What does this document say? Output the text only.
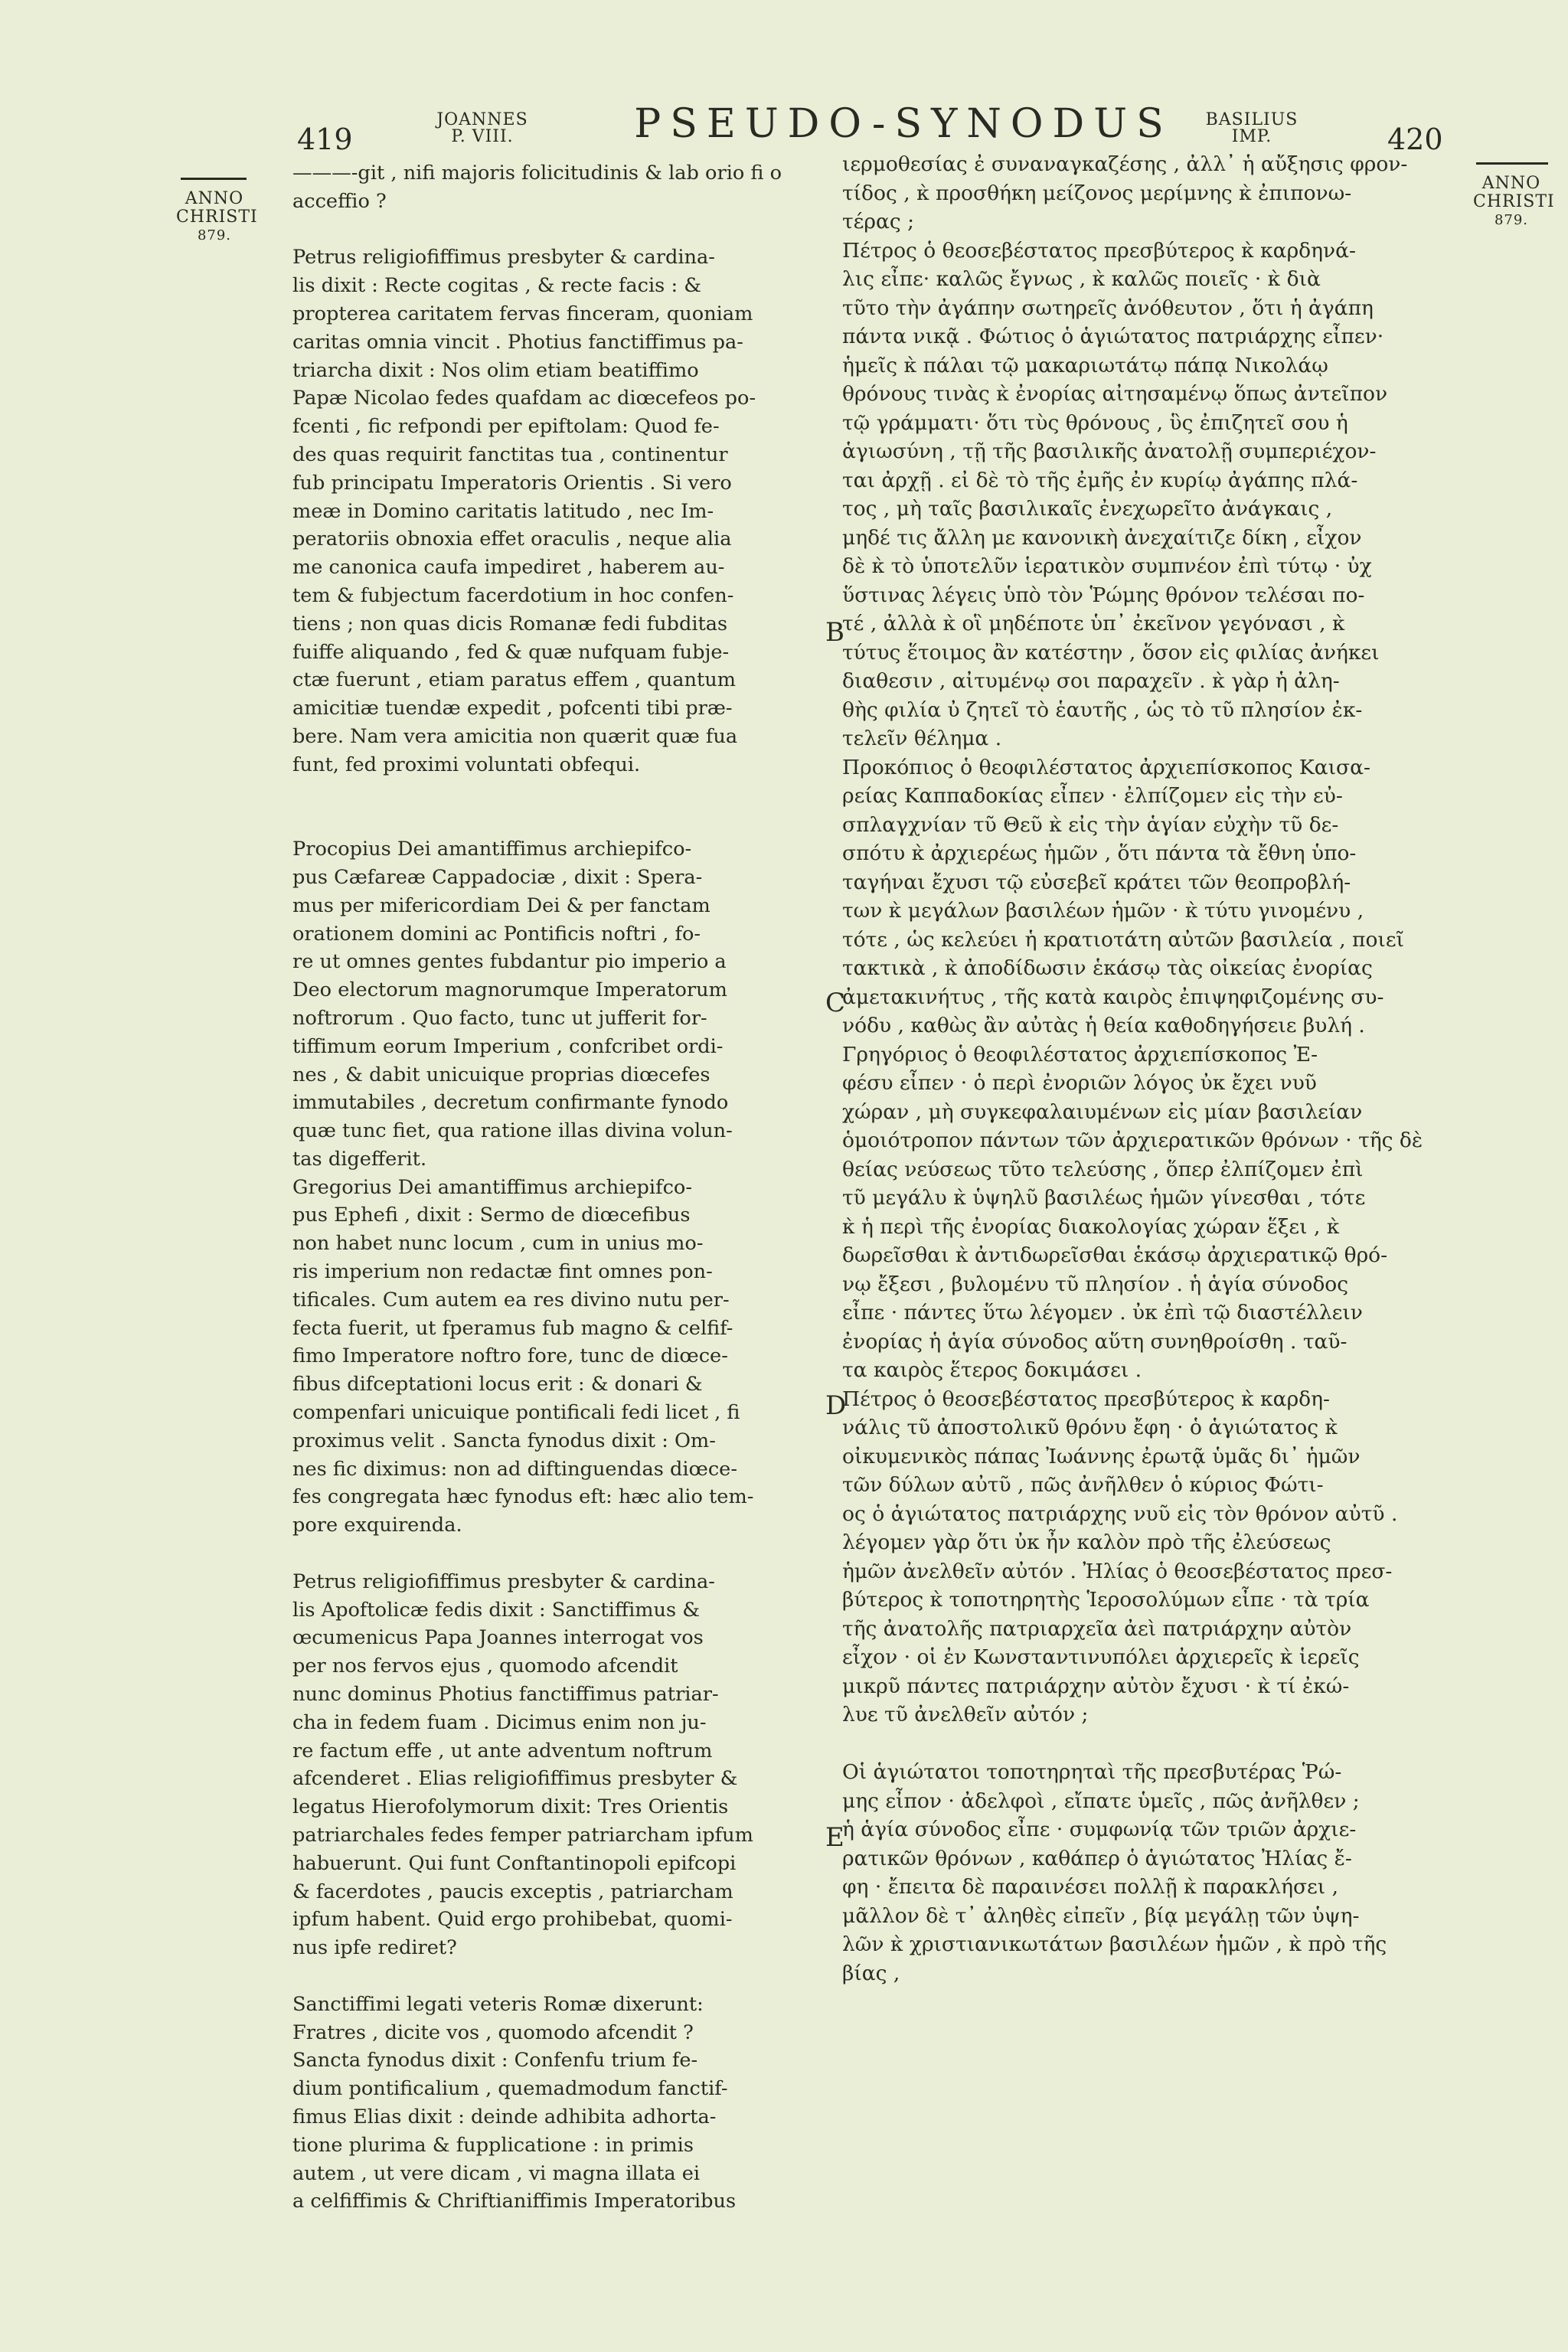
419
JOANNES
P. VIII.	PSEUDO-SYNODUS	BASILIUS
IMP.	420
ANNO
CHRISTI
879.
ANNO
CHRISTI
879.
B
C
D
E
———-git , nifi majoris folicitudinis & lab orio fi o
acceffio ?

Petrus religiofiffimus presbyter & cardina-
lis dixit : Recte cogitas , & recte facis : &
propterea caritatem fervas finceram, quoniam
caritas omnia vincit . Photius fanctiffimus pa-
triarcha dixit : Nos olim etiam beatiffimo
Papæ Nicolao fedes quafdam ac diœcefeos po-
fcenti , fic refpondi per epiftolam: Quod fe-
des quas requirit fanctitas tua , continentur
fub principatu Imperatoris Orientis . Si vero
meæ in Domino caritatis latitudo , nec Im-
peratoriis obnoxia effet oraculis , neque alia
me canonica caufa impediret , haberem au-
tem & fubjectum facerdotium in hoc confen-
tiens ; non quas dicis Romanæ fedi fubditas
fuiffe aliquando , fed & quæ nufquam fubje-
ctæ fuerunt , etiam paratus effem , quantum
amicitiæ tuendæ expedit , pofcenti tibi præ-
bere. Nam vera amicitia non quærit quæ fua
funt, fed proximi voluntati obfequi.

Procopius Dei amantiffimus archiepifco-
pus Cæfareæ Cappadociæ , dixit : Spera-
mus per mifericordiam Dei & per fanctam
orationem domini ac Pontificis noftri , fo-
re ut omnes gentes fubdantur pio imperio a
Deo electorum magnorumque Imperatorum
noftrorum . Quo facto, tunc ut jufferit for-
tiffimum eorum Imperium , confcribet ordi-
nes , & dabit unicuique proprias diœcefes
immutabiles , decretum confirmante fynodo
quæ tunc fiet, qua ratione illas divina volun-
tas digefferit.
Gregorius Dei amantiffimus archiepifco-
pus Ephefi , dixit : Sermo de diœcefibus
non habet nunc locum , cum in unius mo-
ris imperium non redactæ fint omnes pon-
tificales. Cum autem ea res divino nutu per-
fecta fuerit, ut fperamus fub magno & celfif-
fimo Imperatore noftro fore, tunc de diœce-
fibus difceptationi locus erit : & donari &
compenfari unicuique pontificali fedi licet , fi
proximus velit . Sancta fynodus dixit : Om-
nes fic diximus: non ad diftinguendas diœce-
fes congregata hæc fynodus eft: hæc alio tem-
pore exquirenda.

Petrus religiofiffimus presbyter & cardina-
lis Apoftolicæ fedis dixit : Sanctiffimus &
œcumenicus Papa Joannes interrogat vos
per nos fervos ejus , quomodo afcendit
nunc dominus Photius fanctiffimus patriar-
cha in fedem fuam . Dicimus enim non ju-
re factum effe , ut ante adventum noftrum
afcenderet . Elias religiofiffimus presbyter &
legatus Hierofolymorum dixit: Tres Orientis
patriarchales fedes femper patriarcham ipfum
habuerunt. Qui funt Conftantinopoli epifcopi
& facerdotes , paucis exceptis , patriarcham
ipfum habent. Quid ergo prohibebat, quomi-
nus ipfe rediret?

Sanctiffimi legati veteris Romæ dixerunt:
Fratres , dicite vos , quomodo afcendit ?
Sancta fynodus dixit : Confenfu trium fe-
dium pontificalium , quemadmodum fanctif-
fimus Elias dixit : deinde adhibita adhorta-
tione plurima & fupplicatione : in primis
autem , ut vere dicam , vi magna illata ei
a celfiffimis & Chriftianiffimis Imperatoribus
ιερμοθεσίας ἐ συναναγκαζέσης , ἀλλ᾽ ἡ αὔξησις φρον-
τίδος , κ̀ προσθήκη μείζονος μερίμνης κ̀ ἐπιπονω-
τέρας ;
Πέτρος ὁ θεοσεβέστατος πρεσβύτερος κ̀ καρδηνά-
λις εἶπε· καλῶς ἔγνως , κ̀ καλῶς ποιεῖς · κ̀ διὰ
τῦτο τὴν ἀγάπην σωτηρεῖς ἀνόθευτον , ὅτι ἡ ἀγάπη
πάντα νικᾷ . Φώτιος ὁ ἁγιώτατος πατριάρχης εἶπεν·
ἡμεῖς κ̀ πάλαι τῷ μακαριωτάτῳ πάπᾳ Νικολάῳ
θρόνους τινὰς κ̀ ἐνορίας αἰτησαμένῳ ὅπως ἀντεῖπον
τῷ γράμματι· ὅτι τὺς θρόνους , ὓς ἐπιζητεῖ σου ἡ
ἁγιωσύνη , τῇ τῆς βασιλικῆς ἀνατολῇ συμπεριέχον-
ται ἀρχῇ . εἰ δὲ τὸ τῆς ἐμῆς ἐν κυρίῳ ἀγάπης πλά-
τος , μὴ ταῖς βασιλικαῖς ἐνεχωρεῖτο ἀνάγκαις ,
μηδέ τις ἄλλη με κανονικὴ ἀνεχαίτιζε δίκη , εἶχον
δὲ κ̀ τὸ ὑποτελῦν ἱερατικὸν συμπνέον ἐπὶ τύτῳ · ὐχ
ὕστινας λέγεις ὑπὸ τὸν Ῥώμης θρόνον τελέσαι πο-
τέ , ἀλλὰ κ̀ οἳ μηδέποτε ὑπ᾽ ἐκεῖνον γεγόνασι , κ̀
τύτυς ἕτοιμος ἂν κατέστην , ὅσον εἰς φιλίας ἀνήκει
διαθεσιν , αἰτυμένῳ σοι παραχεῖν . κ̀ γὰρ ἡ ἀλη-
θὴς φιλία ὐ ζητεῖ τὸ ἑαυτῆς , ὡς τὸ τῦ πλησίον ἐκ-
τελεῖν θέλημα .
Προκόπιος ὁ θεοφιλέστατος ἀρχιεπίσκοπος Καισα-
ρείας Καππαδοκίας εἶπεν · ἐλπίζομεν εἰς τὴν εὐ-
σπλαγχνίαν τῦ Θεῦ κ̀ εἰς τὴν ἁγίαν εὐχὴν τῦ δε-
σπότυ κ̀ ἀρχιερέως ἡμῶν , ὅτι πάντα τὰ ἔθνη ὑπο-
ταγήναι ἔχυσι τῷ εὐσεβεῖ κράτει τῶν θεοπροβλή-
των κ̀ μεγάλων βασιλέων ἡμῶν · κ̀ τύτυ γινομένυ ,
τότε , ὡς κελεύει ἡ κρατιοτάτη αὐτῶν βασιλεία , ποιεῖ
τακτικὰ , κ̀ ἀποδίδωσιν ἑκάσῳ τὰς οἰκείας ἐνορίας
ἀμετακινήτυς , τῆς κατὰ καιρὸς ἐπιψηφιζομένης συ-
νόδυ , καθὼς ἂν αὐτὰς ἡ θεία καθοδηγήσειε βυλή .
Γρηγόριος ὁ θεοφιλέστατος ἀρχιεπίσκοπος Ἐ-
φέσυ εἶπεν · ὁ περὶ ἐνοριῶν λόγος ὐκ ἔχει νυῦ
χώραν , μὴ συγκεφαλαιυμένων εἰς μίαν βασιλείαν
ὁμοιότροπον πάντων τῶν ἀρχιερατικῶν θρόνων · τῆς δὲ
θείας νεύσεως τῦτο τελεύσης , ὅπερ ἐλπίζομεν ἐπὶ
τῦ μεγάλυ κ̀ ὑψηλῦ βασιλέως ἡμῶν γίνεσθαι , τότε
κ̀ ἡ περὶ τῆς ἐνορίας διακολογίας χώραν ἕξει , κ̀
δωρεῖσθαι κ̀ ἀντιδωρεῖσθαι ἑκάσῳ ἀρχιερατικῷ θρό-
νῳ ἔξεσι , βυλομένυ τῦ πλησίον . ἡ ἁγία σύνοδος
εἶπε · πάντες ὕτω λέγομεν . ὐκ ἐπὶ τῷ διαστέλλειν
ἐνορίας ἡ ἁγία σύνοδος αὕτη συνηθροίσθη . ταῦ-
τα καιρὸς ἕτερος δοκιμάσει .
Πέτρος ὁ θεοσεβέστατος πρεσβύτερος κ̀ καρδη-
νάλις τῦ ἀποστολικῦ θρόνυ ἔφη · ὁ ἁγιώτατος κ̀
οἰκυμενικὸς πάπας Ἰωάννης ἐρωτᾷ ὑμᾶς δι᾽ ἡμῶν
τῶν δύλων αὐτῦ , πῶς ἀνῆλθεν ὁ κύριος Φώτι-
ος ὁ ἁγιώτατος πατριάρχης νυῦ εἰς τὸν θρόνον αὐτῦ .
λέγομεν γὰρ ὅτι ὐκ ἦν καλὸν πρὸ τῆς ἐλεύσεως
ἡμῶν ἀνελθεῖν αὐτόν . Ἠλίας ὁ θεοσεβέστατος πρεσ-
βύτερος κ̀ τοποτηρητὴς Ἱεροσολύμων εἶπε · τὰ τρία
τῆς ἀνατολῆς πατριαρχεῖα ἀεὶ πατριάρχην αὐτὸν
εἶχον · οἱ ἐν Κωνσταντινυπόλει ἀρχιερεῖς κ̀ ἱερεῖς
μικρῦ πάντες πατριάρχην αὐτὸν ἔχυσι · κ̀ τί ἐκώ-
λυε τῦ ἀνελθεῖν αὐτόν ;

Οἱ ἁγιώτατοι τοποτηρηταὶ τῆς πρεσβυτέρας Ῥώ-
μης εἶπον · ἀδελφοὶ , εἴπατε ὑμεῖς , πῶς ἀνῆλθεν ;
ἡ ἁγία σύνοδος εἶπε · συμφωνίᾳ τῶν τριῶν ἀρχιε-
ρατικῶν θρόνων , καθάπερ ὁ ἁγιώτατος Ἠλίας ἔ-
φη · ἔπειτα δὲ παραινέσει πολλῇ κ̀ παρακλήσει ,
μᾶλλον δὲ τ᾽ ἀληθὲς εἰπεῖν , βίᾳ μεγάλῃ τῶν ὑψη-
λῶν κ̀ χριστιανικωτάτων βασιλέων ἡμῶν , κ̀ πρὸ τῆς
βίας ,
